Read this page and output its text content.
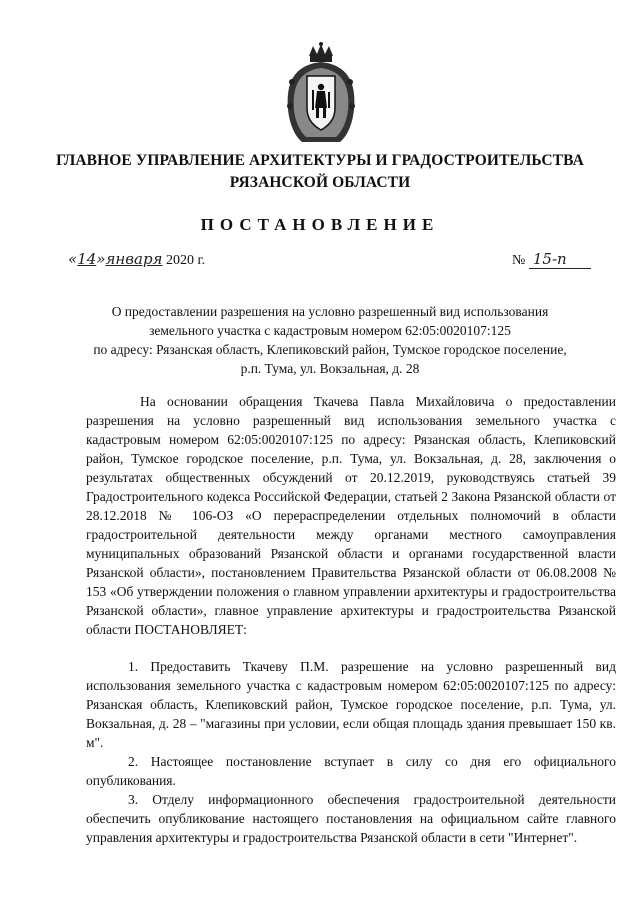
ГЛАВНОЕ УПРАВЛЕНИЕ АРХИТЕКТУРЫ И ГРАДОСТРОИТЕЛЬСТВА
РЯЗАНСКОЙ ОБЛАСТИ
ПОСТАНОВЛЕНИЕ
«14»января 2020 г.	№ 15-п
О предоставлении разрешения на условно разрешенный вид использования
земельного участка с кадастровым номером 62:05:0020107:125
по адресу: Рязанская область, Клепиковский район, Тумское городское поселение,
р.п. Тума, ул. Вокзальная, д. 28

На основании обращения Ткачева Павла Михайловича о предоставлении разрешения на условно разрешенный вид использования земельного участка с кадастровым номером 62:05:0020107:125 по адресу: Рязанская область, Клепиковский район, Тумское городское поселение, р.п. Тума, ул. Вокзальная, д. 28, заключения о результатах общественных обсуждений от 20.12.2019, руководствуясь статьей 39 Градостроительного кодекса Российской Федерации, статьей 2 Закона Рязанской области от 28.12.2018 № 106-ОЗ «О перераспределении отдельных полномочий в области градостроительной деятельности между органами местного самоуправления муниципальных образований Рязанской области и органами государственной власти Рязанской области», постановлением Правительства Рязанской области от 06.08.2008 № 153 «Об утверждении положения о главном управлении архитектуры и градостроительства Рязанской области», главное управление архитектуры и градостроительства Рязанской области ПОСТАНОВЛЯЕТ:

1. Предоставить Ткачеву П.М. разрешение на условно разрешенный вид использования земельного участка с кадастровым номером 62:05:0020107:125 по адресу: Рязанская область, Клепиковский район, Тумское городское поселение, р.п. Тума, ул. Вокзальная, д. 28 – "магазины при условии, если общая площадь здания превышает 150 кв. м".

2. Настоящее постановление вступает в силу со дня его официального опубликования.

3. Отделу информационного обеспечения градостроительной деятельности обеспечить опубликование настоящего постановления на официальном сайте главного управления архитектуры и градостроительства Рязанской области в сети "Интернет".
